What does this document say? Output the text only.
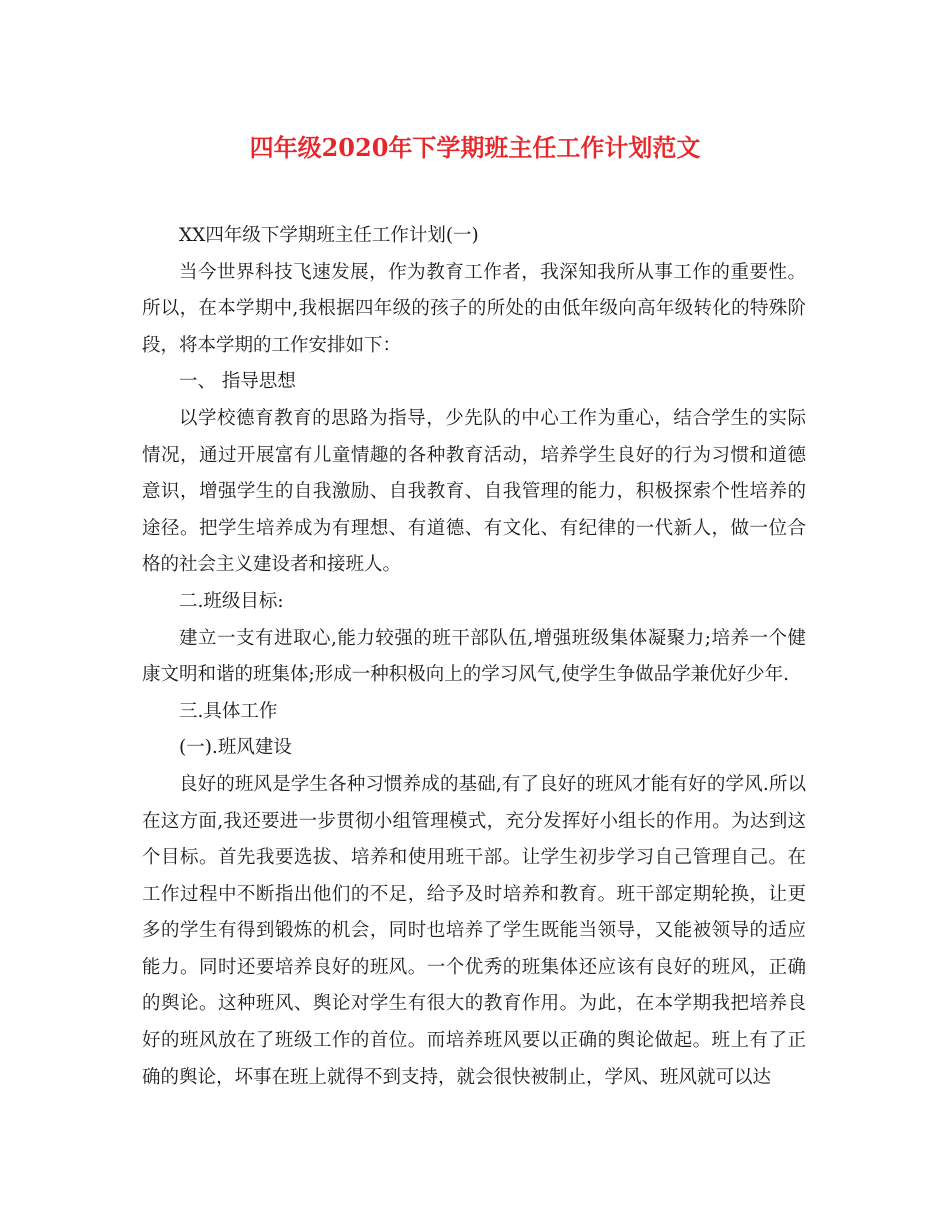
四年级2020年下学期班主任工作计划范文

XX四年级下学期班主任工作计划(一)

当今世界科技飞速发展，作为教育工作者，我深知我所从事工作的重要性。所以，在本学期中,我根据四年级的孩子的所处的由低年级向高年级转化的特殊阶段，将本学期的工作安排如下：

一、 指导思想

以学校德育教育的思路为指导，少先队的中心工作为重心，结合学生的实际情况，通过开展富有儿童情趣的各种教育活动，培养学生良好的行为习惯和道德意识，增强学生的自我激励、自我教育、自我管理的能力，积极探索个性培养的途径。把学生培养成为有理想、有道德、有文化、有纪律的一代新人，做一位合格的社会主义建设者和接班人。

二.班级目标:

建立一支有进取心,能力较强的班干部队伍,增强班级集体凝聚力;培养一个健康文明和谐的班集体;形成一种积极向上的学习风气,使学生争做品学兼优好少年.

三.具体工作

(一).班风建设

良好的班风是学生各种习惯养成的基础,有了良好的班风才能有好的学风.所以在这方面,我还要进一步贯彻小组管理模式，充分发挥好小组长的作用。为达到这个目标。首先我要选拔、培养和使用班干部。让学生初步学习自己管理自己。在工作过程中不断指出他们的不足，给予及时培养和教育。班干部定期轮换，让更多的学生有得到锻炼的机会，同时也培养了学生既能当领导，又能被领导的适应能力。同时还要培养良好的班风。一个优秀的班集体还应该有良好的班风，正确的舆论。这种班风、舆论对学生有很大的教育作用。为此，在本学期我把培养良好的班风放在了班级工作的首位。而培养班风要以正确的舆论做起。班上有了正确的舆论，坏事在班上就得不到支持，就会很快被制止，学风、班风就可以达
